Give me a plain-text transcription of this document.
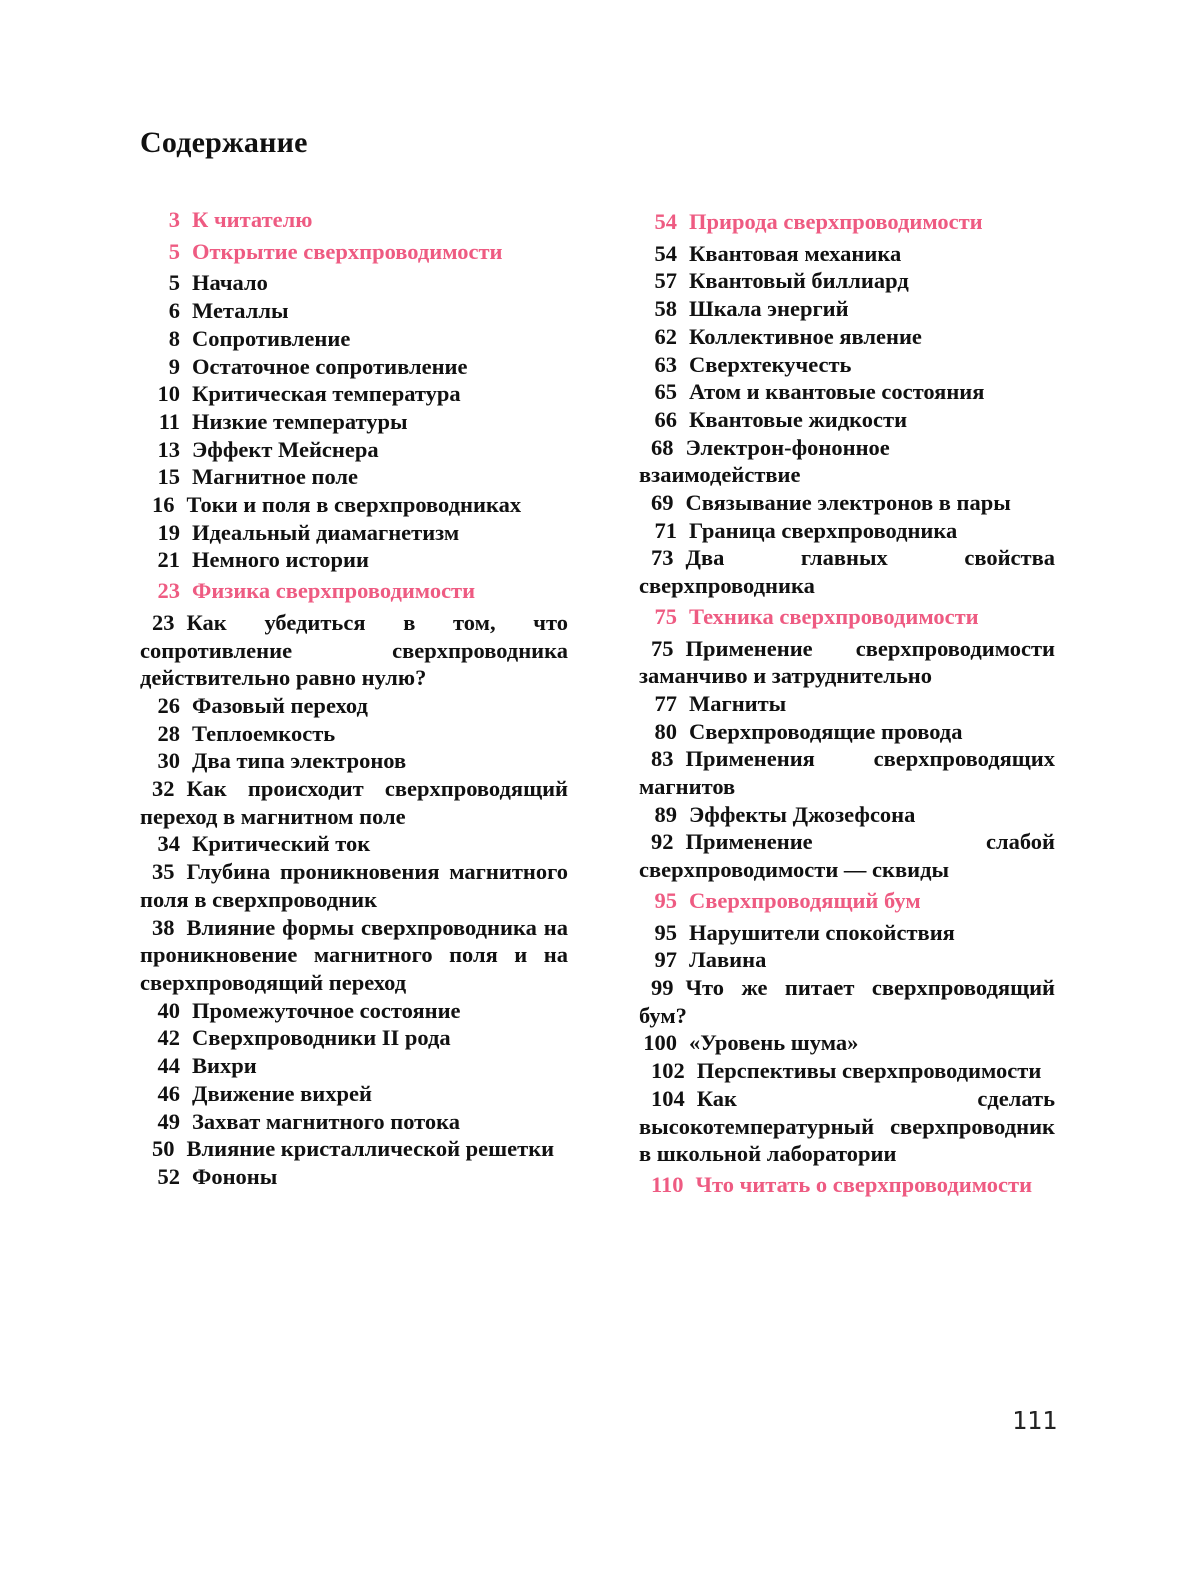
Содержание
3 К читателю
5 Открытие сверхпроводимости
5 Начало
6 Металлы
8 Сопротивление
9 Остаточное сопротивление
10 Критическая температура
11 Низкие температуры
13 Эффект Мейснера
15 Магнитное поле
16 Токи и поля в сверхпроводниках
19 Идеальный диамагнетизм
21 Немного истории
23 Физика сверхпроводимости
23 Как убедиться в том, что сопротивление сверхпроводника действительно равно нулю?
26 Фазовый переход
28 Теплоемкость
30 Два типа электронов
32 Как происходит сверхпроводящий переход в магнитном поле
34 Критический ток
35 Глубина проникновения магнитного поля в сверхпроводник
38 Влияние формы сверхпроводника на проникновение магнитного поля и на сверхпроводящий переход
40 Промежуточное состояние
42 Сверхпроводники II рода
44 Вихри
46 Движение вихрей
49 Захват магнитного потока
50 Влияние кристаллической решетки
52 Фононы
54 Природа сверхпроводимости
54 Квантовая механика
57 Квантовый биллиард
58 Шкала энергий
62 Коллективное явление
63 Сверхтекучесть
65 Атом и квантовые состояния
66 Квантовые жидкости
68 Электрон-фононное взаимодействие
69 Связывание электронов в пары
71 Граница сверхпроводника
73 Два главных свойства сверхпроводника
75 Техника сверхпроводимости
75 Применение сверхпроводимости заманчиво и затруднительно
77 Магниты
80 Сверхпроводящие провода
83 Применения сверхпроводящих магнитов
89 Эффекты Джозефсона
92 Применение слабой сверхпроводимости — сквиды
95 Сверхпроводящий бум
95 Нарушители спокойствия
97 Лавина
99 Что же питает сверхпроводящий бум?
100 «Уровень шума»
102 Перспективы сверхпроводимости
104 Как сделать высокотемпературный сверхпроводник в школьной лаборатории
110 Что читать о сверхпроводимости
111
